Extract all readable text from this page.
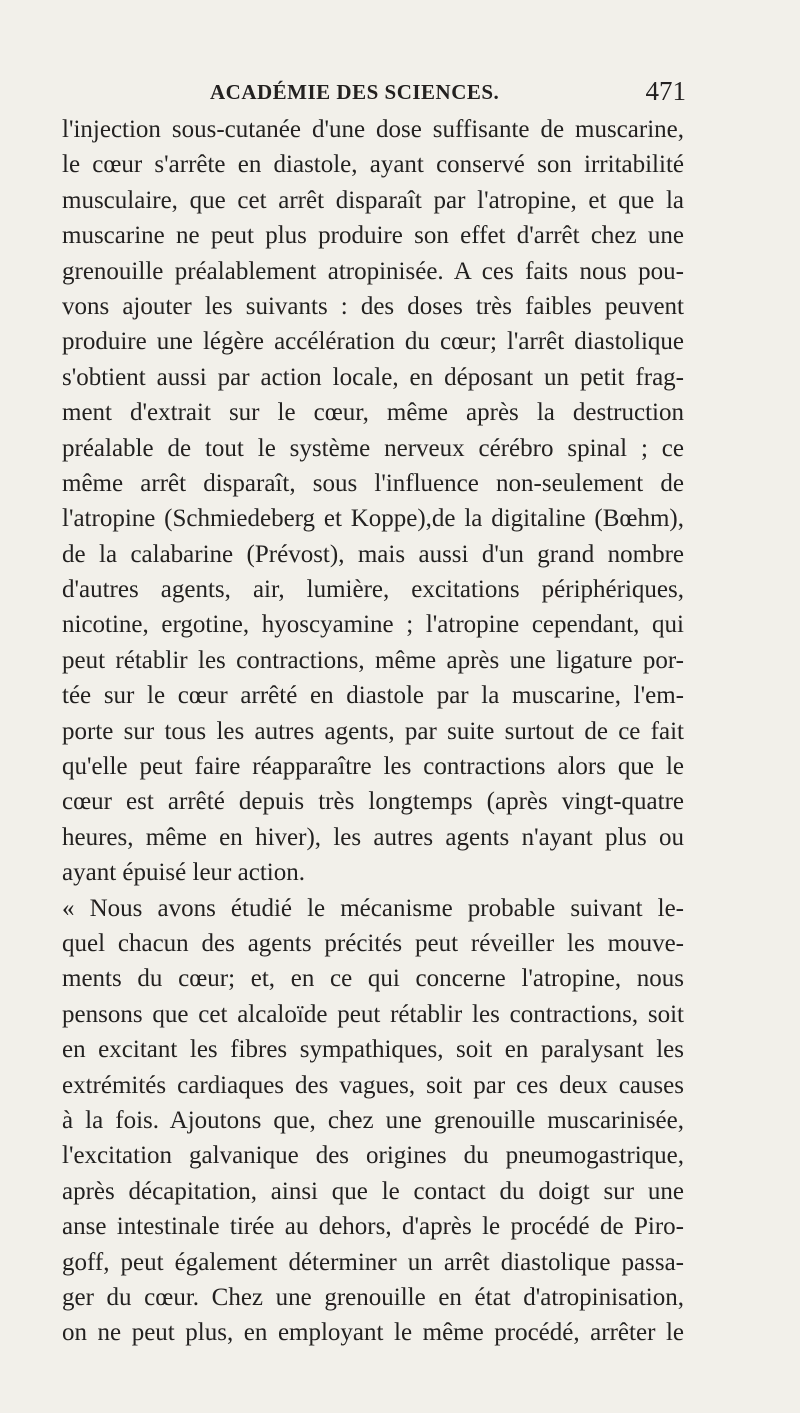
ACADÉMIE DES SCIENCES.	471
l'injection sous-cutanée d'une dose suffisante de muscarine,
le cœur s'arrête en diastole, ayant conservé son irritabilité
musculaire, que cet arrêt disparaît par l'atropine, et que la
muscarine ne peut plus produire son effet d'arrêt chez une
grenouille préalablement atropinisée. A ces faits nous pou-
vons ajouter les suivants : des doses très faibles peuvent
produire une légère accélération du cœur; l'arrêt diastolique
s'obtient aussi par action locale, en déposant un petit frag-
ment d'extrait sur le cœur, même après la destruction
préalable de tout le système nerveux cérébro spinal ; ce
même arrêt disparaît, sous l'influence non-seulement de
l'atropine (Schmiedeberg et Koppe),de la digitaline (Bœhm),
de la calabarine (Prévost), mais aussi d'un grand nombre
d'autres agents, air, lumière, excitations périphériques,
nicotine, ergotine, hyoscyamine ; l'atropine cependant, qui
peut rétablir les contractions, même après une ligature por-
tée sur le cœur arrêté en diastole par la muscarine, l'em-
porte sur tous les autres agents, par suite surtout de ce fait
qu'elle peut faire réapparaître les contractions alors que le
cœur est arrêté depuis très longtemps (après vingt-quatre
heures, même en hiver), les autres agents n'ayant plus ou
ayant épuisé leur action.
« Nous avons étudié le mécanisme probable suivant le-
quel chacun des agents précités peut réveiller les mouve-
ments du cœur; et, en ce qui concerne l'atropine, nous
pensons que cet alcaloïde peut rétablir les contractions, soit
en excitant les fibres sympathiques, soit en paralysant les
extrémités cardiaques des vagues, soit par ces deux causes
à la fois. Ajoutons que, chez une grenouille muscarinisée,
l'excitation galvanique des origines du pneumogastrique,
après décapitation, ainsi que le contact du doigt sur une
anse intestinale tirée au dehors, d'après le procédé de Piro-
goff, peut également déterminer un arrêt diastolique passa-
ger du cœur. Chez une grenouille en état d'atropinisation,
on ne peut plus, en employant le même procédé, arrêter le
